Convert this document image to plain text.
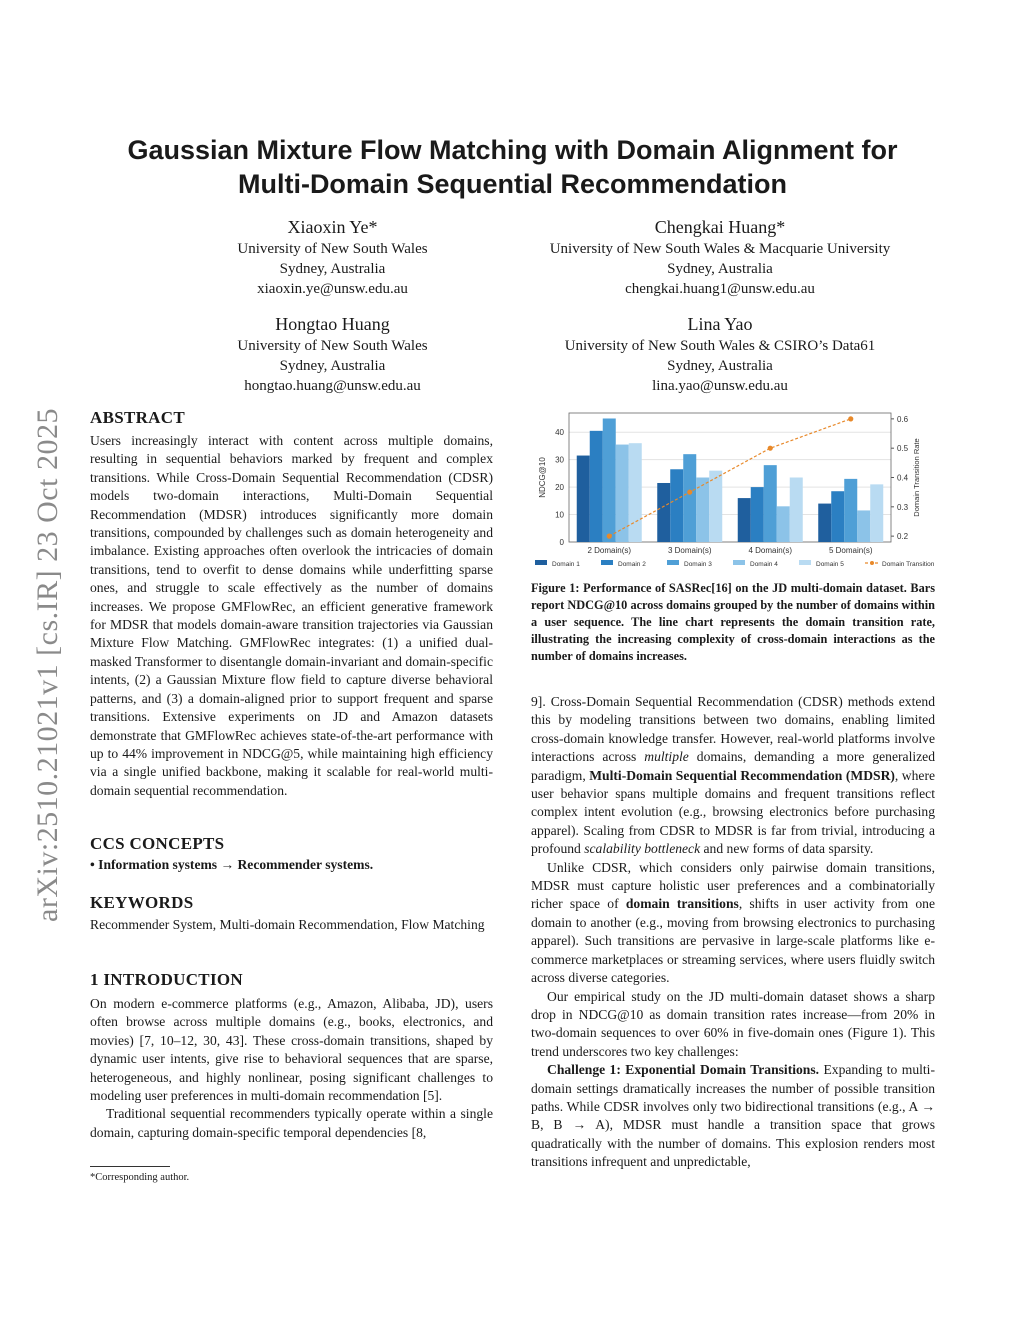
arXiv:2510.21021v1 [cs.IR] 23 Oct 2025
Gaussian Mixture Flow Matching with Domain Alignment for
Multi-Domain Sequential Recommendation
Xiaoxin Ye*
University of New South Wales
Sydney, Australia
xiaoxin.ye@unsw.edu.au
Chengkai Huang*
University of New South Wales & Macquarie University
Sydney, Australia
chengkai.huang1@unsw.edu.au
Hongtao Huang
University of New South Wales
Sydney, Australia
hongtao.huang@unsw.edu.au
Lina Yao
University of New South Wales & CSIRO’s Data61
Sydney, Australia
lina.yao@unsw.edu.au
ABSTRACT
Users increasingly interact with content across multiple domains, resulting in sequential behaviors marked by frequent and complex transitions. While Cross-Domain Sequential Recommendation (CDSR) models two-domain interactions, Multi-Domain Sequential Recommendation (MDSR) introduces significantly more domain transitions, compounded by challenges such as domain heterogeneity and imbalance. Existing approaches often overlook the intricacies of domain transitions, tend to overfit to dense domains while underfitting sparse ones, and struggle to scale effectively as the number of domains increases. We propose GMFlowRec, an efficient generative framework for MDSR that models domain-aware transition trajectories via Gaussian Mixture Flow Matching. GMFlowRec integrates: (1) a unified dual-masked Transformer to disentangle domain-invariant and domain-specific intents, (2) a Gaussian Mixture flow field to capture diverse behavioral patterns, and (3) a domain-aligned prior to support frequent and sparse transitions. Extensive experiments on JD and Amazon datasets demonstrate that GMFlowRec achieves state-of-the-art performance with up to 44% improvement in NDCG@5, while maintaining high efficiency via a single unified backbone, making it scalable for real-world multi-domain sequential recommendation.
CCS CONCEPTS
• Information systems → Recommender systems.
KEYWORDS
Recommender System, Multi-domain Recommendation, Flow Matching
1 INTRODUCTION

On modern e-commerce platforms (e.g., Amazon, Alibaba, JD), users often browse across multiple domains (e.g., books, electronics, and movies) [7, 10–12, 30, 43]. These cross-domain transitions, shaped by dynamic user intents, give rise to behavioral sequences that are sparse, heterogeneous, and highly nonlinear, posing significant challenges to modeling user preferences in multi-domain recommendation [5].

Traditional sequential recommenders typically operate within a single domain, capturing domain-specific temporal dependencies [8,

*Corresponding author.
0
10
20
30
40
0.2
0.3
0.4
0.5
0.6
2 Domain(s)	3 Domain(s)	4 Domain(s)	5 Domain(s)
NDCG@10	Domain Transition Rate
Domain 1	Domain 2	Domain 3	Domain 4	Domain 5	Domain Transition
Figure 1: Performance of SASRec[16] on the JD multi-domain dataset. Bars report NDCG@10 across domains grouped by the number of domains within a user sequence. The line chart represents the domain transition rate, illustrating the increasing complexity of cross-domain interactions as the number of domains increases.

9]. Cross-Domain Sequential Recommendation (CDSR) methods extend this by modeling transitions between two domains, enabling limited cross-domain knowledge transfer. However, real-world platforms involve interactions across multiple domains, demanding a more generalized paradigm, Multi-Domain Sequential Recommendation (MDSR), where user behavior spans multiple domains and frequent transitions reflect complex intent evolution (e.g., browsing electronics before purchasing apparel). Scaling from CDSR to MDSR is far from trivial, introducing a profound scalability bottleneck and new forms of data sparsity.

Unlike CDSR, which considers only pairwise domain transitions, MDSR must capture holistic user preferences and a combinatorially richer space of domain transitions, shifts in user activity from one domain to another (e.g., moving from browsing electronics to purchasing apparel). Such transitions are pervasive in large-scale platforms like e-commerce marketplaces or streaming services, where users fluidly switch across diverse categories.

Our empirical study on the JD multi-domain dataset shows a sharp drop in NDCG@10 as domain transition rates increase—from 20% in two-domain sequences to over 60% in five-domain ones (Figure 1). This trend underscores two key challenges:

Challenge 1: Exponential Domain Transitions. Expanding to multi-domain settings dramatically increases the number of possible transition paths. While CDSR involves only two bidirectional transitions (e.g., A → B, B → A), MDSR must handle a transition space that grows quadratically with the number of domains. This explosion renders most transitions infrequent and unpredictable,
